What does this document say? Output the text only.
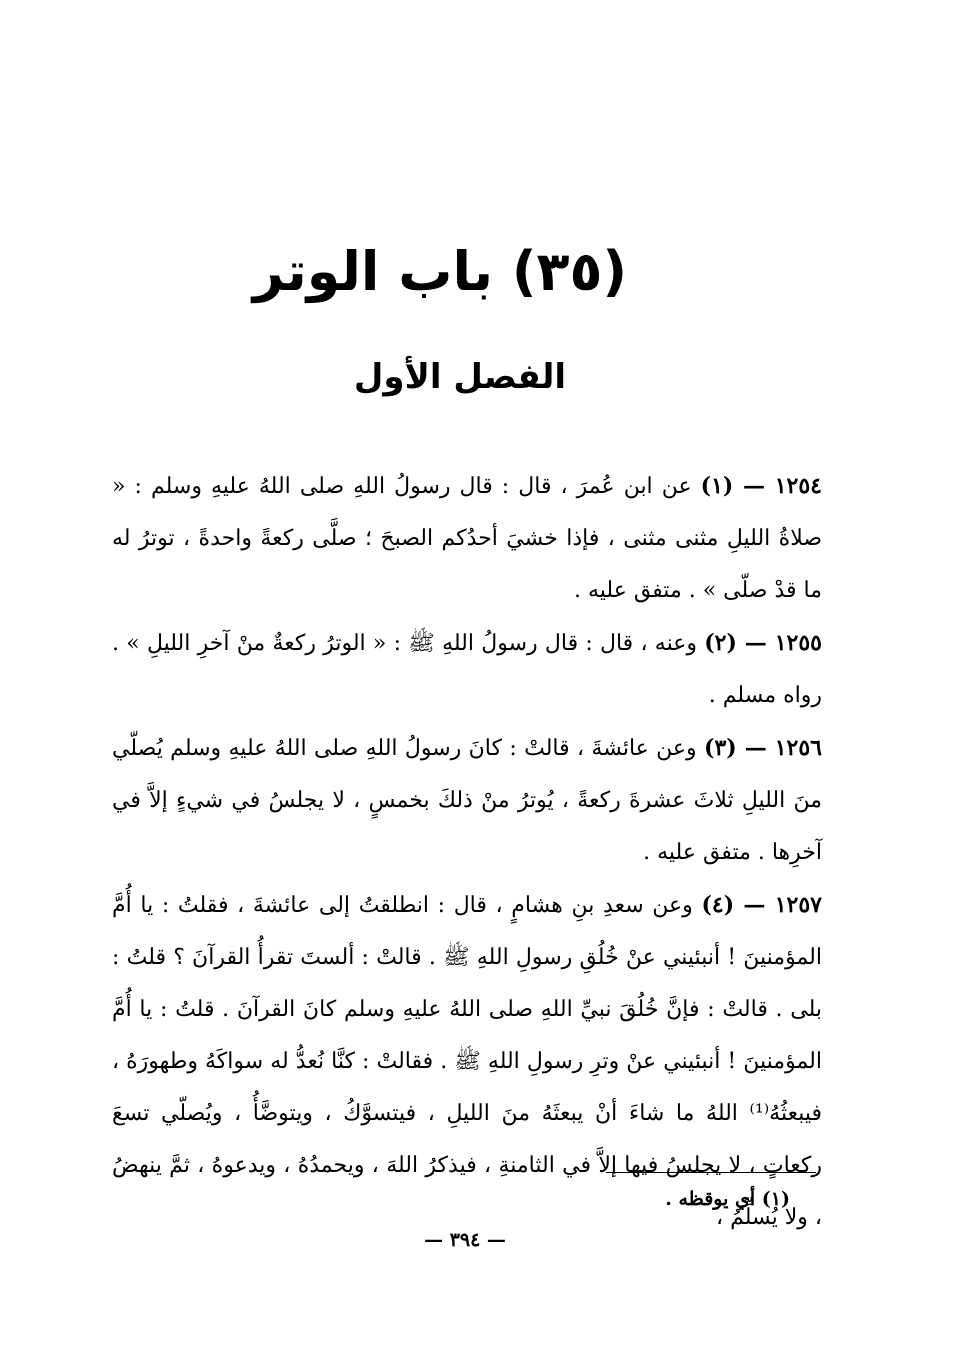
(٣٥) باب الوتر
الفصل الأول

١٢٥٤ — (١) عن ابن عُمرَ ، قال : قال رسولُ اللهِ صلى اللهُ عليهِ وسلم : « صلاةُ الليلِ مثنى مثنى ، فإذا خشيَ أحدُكم الصبحَ ؛ صلَّى ركعةً واحدةً ، توترُ له ما قدْ صلّى » . متفق عليه .

١٢٥٥ — (٢) وعنه ، قال : قال رسولُ اللهِ ﷺ : « الوترُ ركعةٌ منْ آخرِ الليلِ » . رواه مسلم .

١٢٥٦ — (٣) وعن عائشةَ ، قالتْ : كانَ رسولُ اللهِ صلى اللهُ عليهِ وسلم يُصلّي منَ الليلِ ثلاثَ عشرةَ ركعةً ، يُوترُ منْ ذلكَ بخمسٍ ، لا يجلسُ في شيءٍ إلاَّ في آخرِها . متفق عليه .

١٢٥٧ — (٤) وعن سعدِ بنِ هشامٍ ، قال : انطلقتُ إلى عائشةَ ، فقلتُ : يا أُمَّ المؤمنينَ ! أنبئيني عنْ خُلُقِ رسولِ اللهِ ﷺ . قالتْ : ألستَ تقرأُ القرآنَ ؟ قلتُ : بلى . قالتْ : فإنَّ خُلُقَ نبيِّ اللهِ صلى اللهُ عليهِ وسلم كانَ القرآنَ . قلتُ : يا أُمَّ المؤمنينَ ! أنبئيني عنْ وترِ رسولِ اللهِ ﷺ . فقالتْ : كنَّا نُعدُّ له سواكَهُ وطهورَهُ ، فيبعثُهُ⁽¹⁾ اللهُ ما شاءَ أنْ يبعثَهُ منَ الليلِ ، فيتسوَّكُ ، ويتوضَّأُ ، ويُصلّي تسعَ ركعاتٍ ، لا يجلسُ فيها إلاَّ في الثامنةِ ، فيذكرُ اللهَ ، ويحمدُهُ ، ويدعوهُ ، ثمَّ ينهضُ ، ولا يُسلِّمُ ،

(١) أي يوقظه .
— ٣٩٤ —
